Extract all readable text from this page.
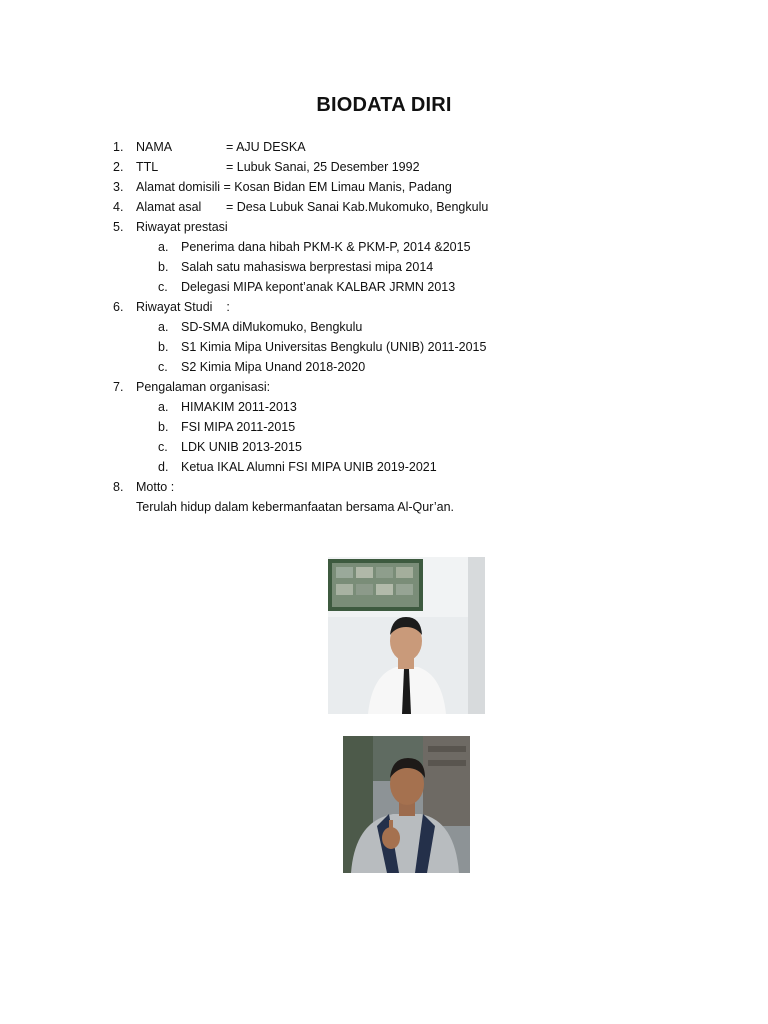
BIODATA DIRI
1. NAMA	= AJU DESKA
2. TTL	= Lubuk Sanai, 25 Desember 1992
3. Alamat domisili = Kosan Bidan EM Limau Manis, Padang
4. Alamat asal = Desa Lubuk Sanai Kab.Mukomuko, Bengkulu
5. Riwayat prestasi
a. Penerima dana hibah PKM-K & PKM-P, 2014 &2015
b. Salah satu mahasiswa berprestasi mipa 2014
c. Delegasi MIPA kepont’anak KALBAR JRMN 2013
6. Riwayat Studi    :
a. SD-SMA diMukomuko, Bengkulu
b. S1 Kimia Mipa Universitas Bengkulu (UNIB) 2011-2015
c. S2 Kimia Mipa Unand 2018-2020
7. Pengalaman organisasi:
a. HIMAKIM 2011-2013
b. FSI MIPA 2011-2015
c. LDK UNIB 2013-2015
d. Ketua IKAL Alumni FSI MIPA UNIB 2019-2021
8. Motto :
Terulah hidup dalam kebermanfaatan bersama Al-Qur’an.
